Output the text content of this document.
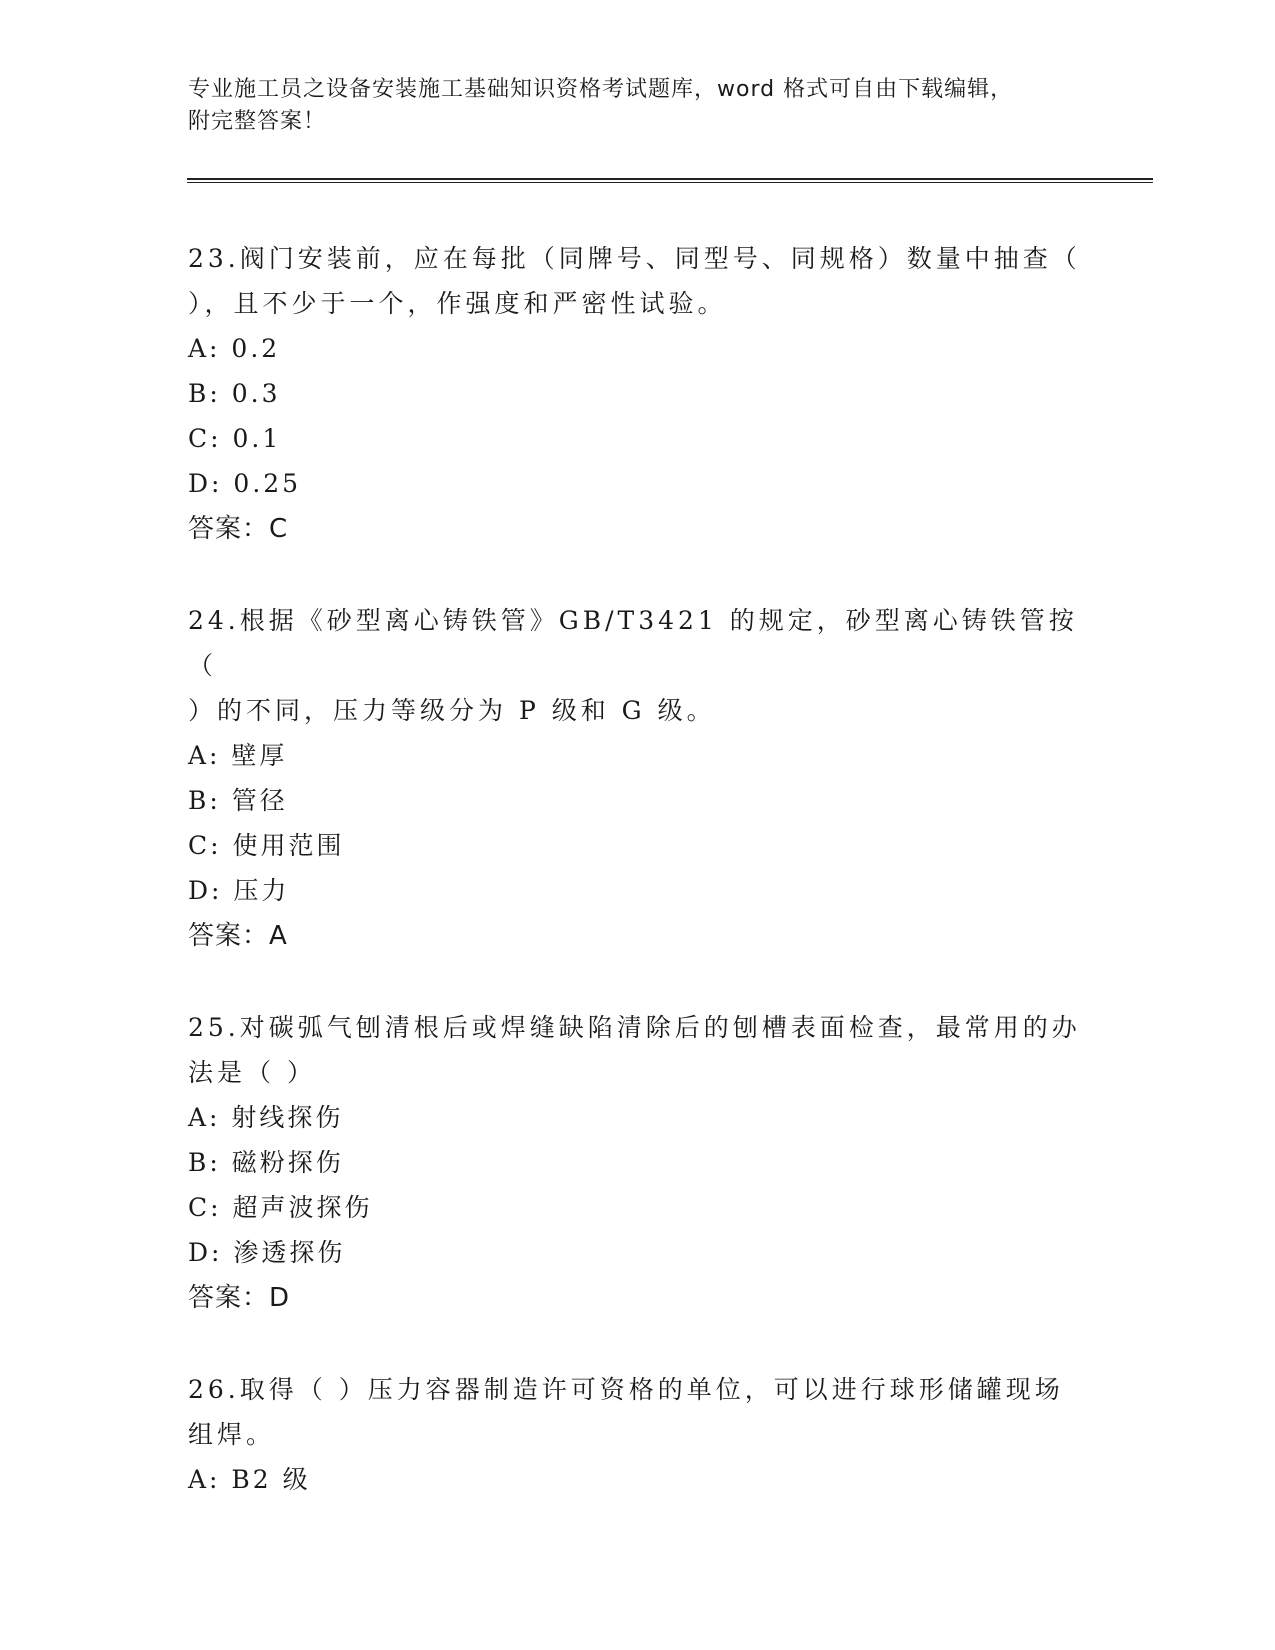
专业施工员之设备安装施工基础知识资格考试题库，word 格式可自由下载编辑，
附完整答案！

23.阀门安装前，应在每批（同牌号、同型号、同规格）数量中抽查（

），且不少于一个，作强度和严密性试验。

A: 0.2

B: 0.3

C: 0.1

D: 0.25

答案：C

24.根据《砂型离心铸铁管》GB/T3421 的规定，砂型离心铸铁管按（

）的不同，压力等级分为 P 级和 G 级。

A: 壁厚

B: 管径

C: 使用范围

D: 压力

答案：A

25.对碳弧气刨清根后或焊缝缺陷清除后的刨槽表面检查，最常用的办

法是（ ）

A: 射线探伤

B: 磁粉探伤

C: 超声波探伤

D: 渗透探伤

答案：D

26.取得（ ）压力容器制造许可资格的单位，可以进行球形储罐现场

组焊。

A: B2 级
